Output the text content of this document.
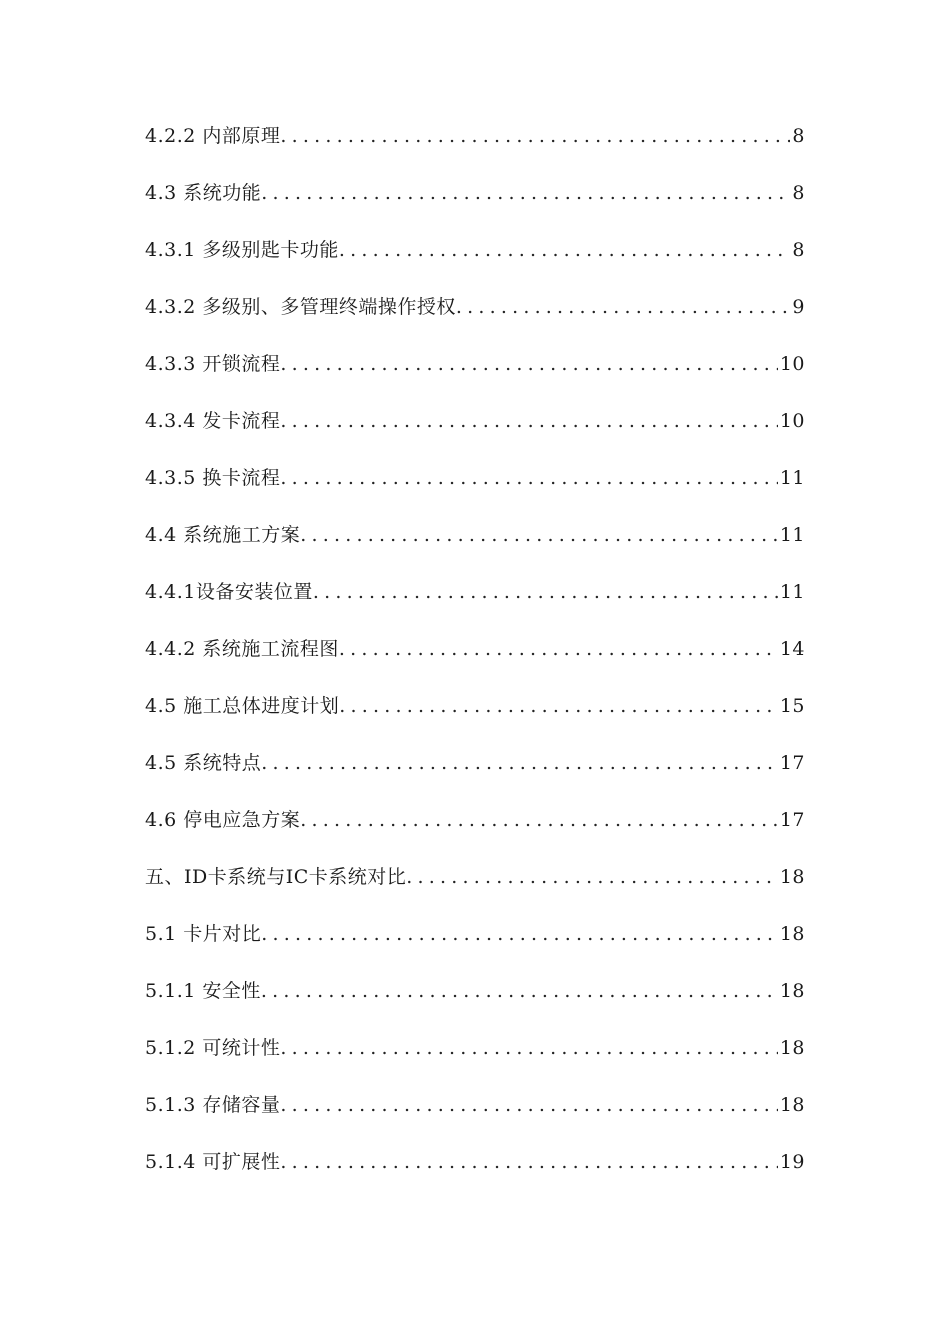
4.2.2 内部原理 .....	8
4.3 系统功能 .....	8
4.3.1 多级别匙卡功能 .....	8
4.3.2 多级别、多管理终端操作授权 .....	9
4.3.3 开锁流程 .....	10
4.3.4 发卡流程 .....	10
4.3.5 换卡流程 .....	11
4.4 系统施工方案 .....	11
4.4.1设备安装位置 .....	11
4.4.2 系统施工流程图 .....	14
4.5 施工总体进度计划 .....	15
4.5 系统特点 .....	17
4.6 停电应急方案 .....	17
五、ID卡系统与IC卡系统对比 .....	18
5.1 卡片对比 .....	18
5.1.1 安全性 .....	18
5.1.2 可统计性 .....	18
5.1.3 存储容量 .....	18
5.1.4 可扩展性 .....	19
